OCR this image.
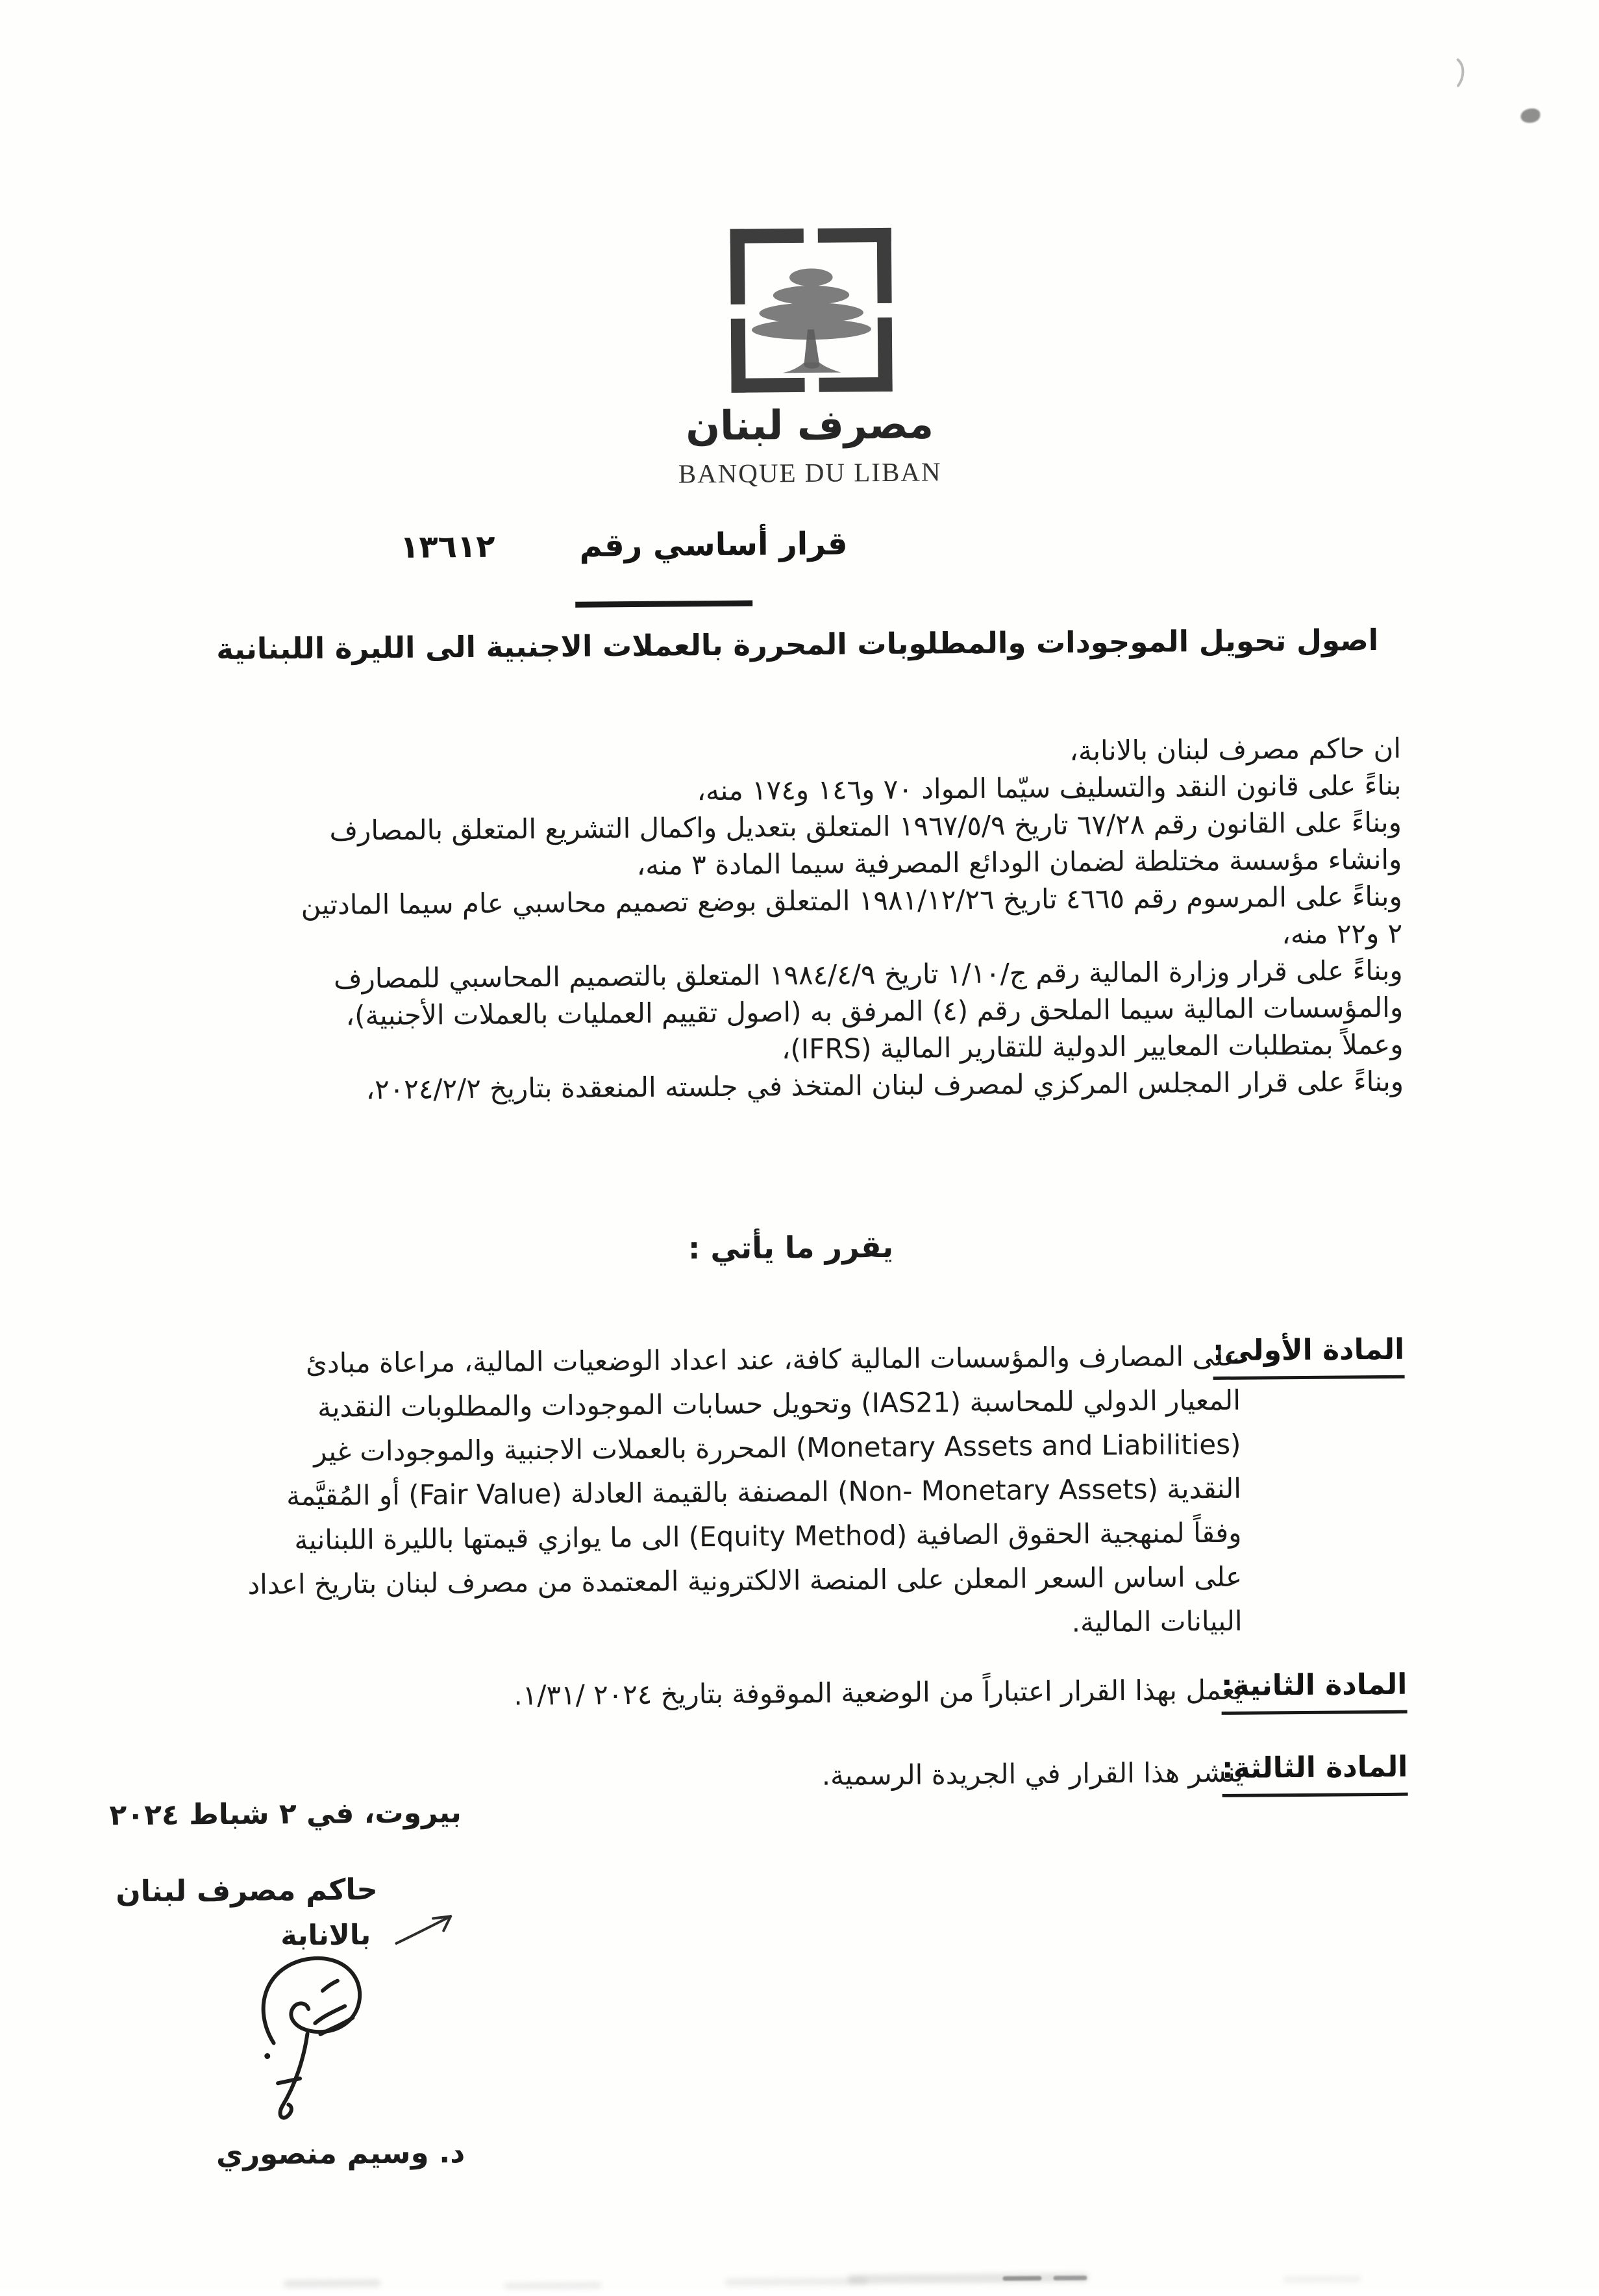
مصرف لبنان
BANQUE DU LIBAN
قرار أساسي رقم١٣٦١٢
اصول تحويل الموجودات والمطلوبات المحررة بالعملات الاجنبية الى الليرة اللبنانية
ان حاكم مصرف لبنان بالانابة،
بناءً على قانون النقد والتسليف سيّما المواد ٧٠ و١٤٦ و١٧٤ منه،
وبناءً على القانون رقم ٦٧/٢٨ تاريخ ١٩٦٧/٥/٩ المتعلق بتعديل واكمال التشريع المتعلق بالمصارف
وانشاء مؤسسة مختلطة لضمان الودائع المصرفية سيما المادة ٣ منه،
وبناءً على المرسوم رقم ٤٦٦٥ تاريخ ١٩٨١/١٢/٢٦ المتعلق بوضع تصميم محاسبي عام سيما المادتين
٢ و٢٢ منه،
وبناءً على قرار وزارة المالية رقم ⁦ج/١/١٠⁩ تاريخ ١٩٨٤/٤/٩ المتعلق بالتصميم المحاسبي للمصارف
والمؤسسات المالية سيما الملحق رقم (٤) المرفق به (اصول تقييم العمليات بالعملات الأجنبية)،
وعملاً بمتطلبات المعايير الدولية للتقارير المالية ⁦(IFRS)⁩،
وبناءً على قرار المجلس المركزي لمصرف لبنان المتخذ في جلسته المنعقدة بتاريخ ٢٠٢٤/٢/٢،
يقرر ما يأتي :
المادة الأولى:
على المصارف والمؤسسات المالية كافة، عند اعداد الوضعيات المالية، مراعاة مبادئ
المعيار الدولي للمحاسبة ⁦(IAS21)⁩ وتحويل حسابات الموجودات والمطلوبات النقدية
⁦(Monetary Assets and Liabilities)⁩ المحررة بالعملات الاجنبية والموجودات غير
النقدية ⁦(Non- Monetary Assets)⁩ المصنفة بالقيمة العادلة ⁦(Fair Value)⁩ أو المُقيَّمة
وفقاً لمنهجية الحقوق الصافية ⁦(Equity Method)⁩ الى ما يوازي قيمتها بالليرة اللبنانية
على اساس السعر المعلن على المنصة الالكترونية المعتمدة من مصرف لبنان بتاريخ اعداد
البيانات المالية.
المادة الثانية:
يعمل بهذا القرار اعتباراً من الوضعية الموقوفة بتاريخ ⁦٢٠٢٤ /١/٣١⁩.
المادة الثالثة:
ينشر هذا القرار في الجريدة الرسمية.
بيروت، في ٢ شباط ٢٠٢٤
حاكم مصرف لبنان
بالانابة
د. وسيم منصوري
